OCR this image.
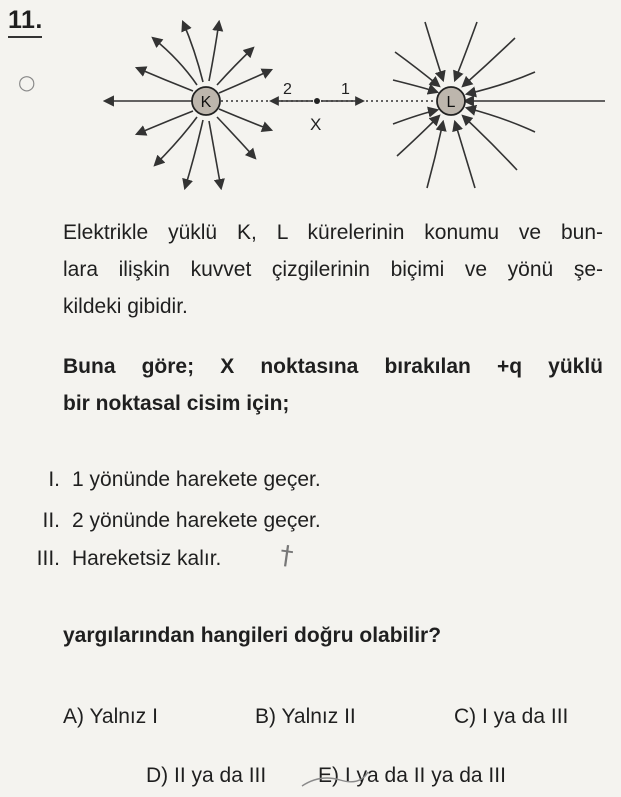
11.
○
X
2	1
K	L
Elektrikle yüklü K, L kürelerinin konumu ve bun-
lara ilişkin kuvvet çizgilerinin biçimi ve yönü şe-
kildeki gibidir.
Buna göre; X noktasına bırakılan +q yüklü
bir noktasal cisim için;
I. 1 yönünde harekete geçer.
II. 2 yönünde harekete geçer.
III. Hareketsiz kalır. †
yargılarından hangileri doğru olabilir?
A) Yalnız I	B) Yalnız II	C) I ya da III
D) II ya da III E) I ya da II ya da III
